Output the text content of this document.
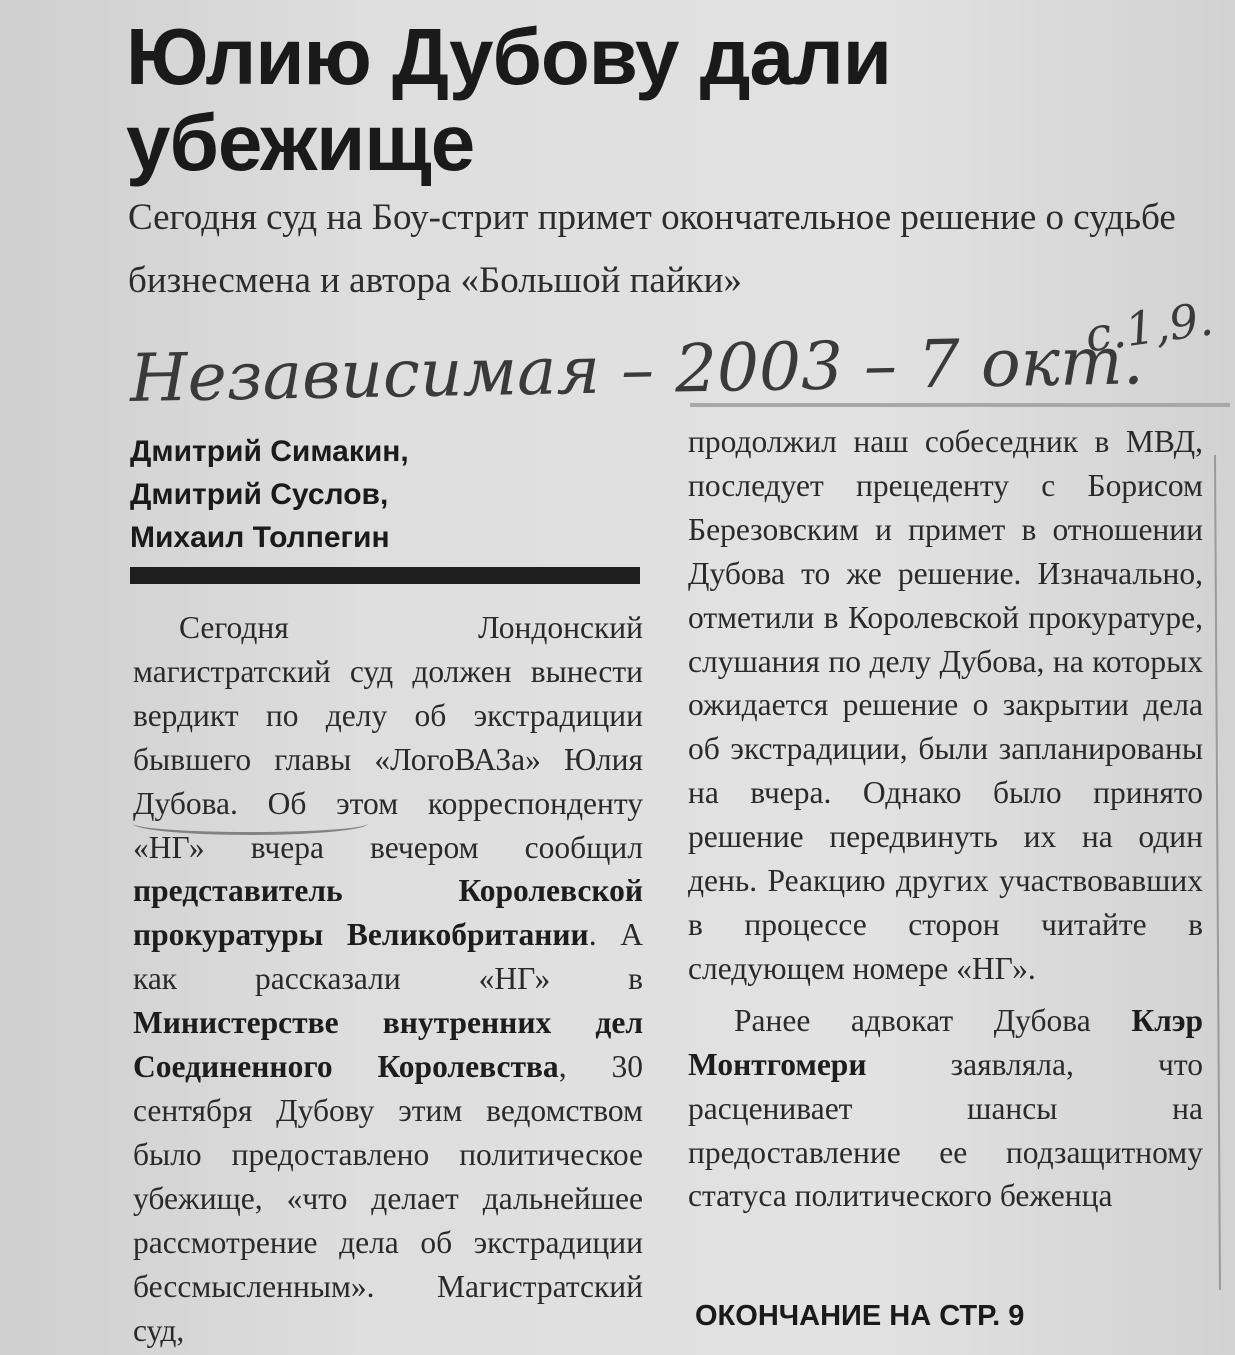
Юлию Дубову дали убежище

Сегодня суд на Боу-стрит примет окончательное решение о судьбе бизнесмена и автора «Большой пайки»

Независимая – 2003 – 7 окт.
с.1,9.
Дмитрий Симакин,
Дмитрий Суслов,
Михаил Толпегин

Сегодня Лондонский магистратский суд должен вынести вердикт по делу об экстрадиции бывшего главы «ЛогоВАЗа» Юлия Дубова. Об этом корреспонденту «НГ» вчера вечером сообщил представитель Королевской прокуратуры Великобритании. А как рассказали «НГ» в Министерстве внутренних дел Соединенного Королевства, 30 сентября Дубову этим ведомством было предоставлено политическое убежище, «что делает дальнейшее рассмотрение дела об экстрадиции бессмысленным». Магистратский суд,

продолжил наш собеседник в МВД, последует прецеденту с Борисом Березовским и примет в отношении Дубова то же решение. Изначально, отметили в Королевской прокуратуре, слушания по делу Дубова, на которых ожидается решение о закрытии дела об экстрадиции, были запланированы на вчера. Однако было принято решение передвинуть их на один день. Реакцию других участвовавших в процессе сторон читайте в следующем номере «НГ».

Ранее адвокат Дубова Клэр Монтгомери заявляла, что расценивает шансы на предоставление ее подзащитному статуса политического беженца

ОКОНЧАНИЕ НА СТР. 9
